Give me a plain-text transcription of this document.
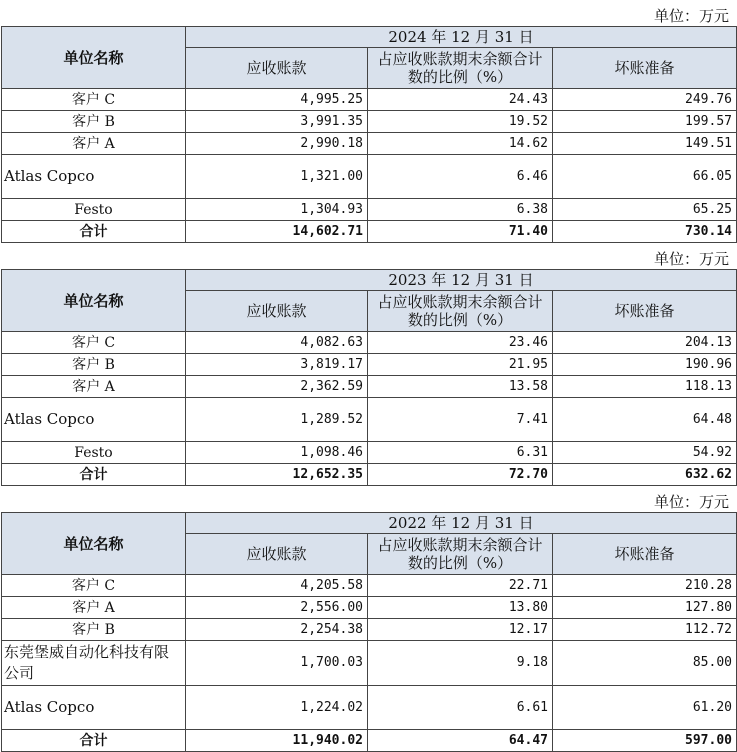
单位：万元
单位名称	2024 年 12 月 31 日		
	应收账款	占应收账款期末余额合计数的比例（%）	坏账准备
客户 C	4,995.25	24.43	249.76
客户 B	3,991.35	19.52	199.57
客户 A	2,990.18	14.62	149.51
Atlas Copco	1,321.00	6.46	66.05
Festo	1,304.93	6.38	65.25
合计	14,602.71	71.40	730.14
单位：万元
单位名称	2023 年 12 月 31 日		
	应收账款	占应收账款期末余额合计数的比例（%）	坏账准备
客户 C	4,082.63	23.46	204.13
客户 B	3,819.17	21.95	190.96
客户 A	2,362.59	13.58	118.13
Atlas Copco	1,289.52	7.41	64.48
Festo	1,098.46	6.31	54.92
合计	12,652.35	72.70	632.62
单位：万元
单位名称	2022 年 12 月 31 日		
	应收账款	占应收账款期末余额合计数的比例（%）	坏账准备
客户 C	4,205.58	22.71	210.28
客户 A	2,556.00	13.80	127.80
客户 B	2,254.38	12.17	112.72
东莞堡威自动化科技有限公司	1,700.03	9.18	85.00
Atlas Copco	1,224.02	6.61	61.20
合计	11,940.02	64.47	597.00
